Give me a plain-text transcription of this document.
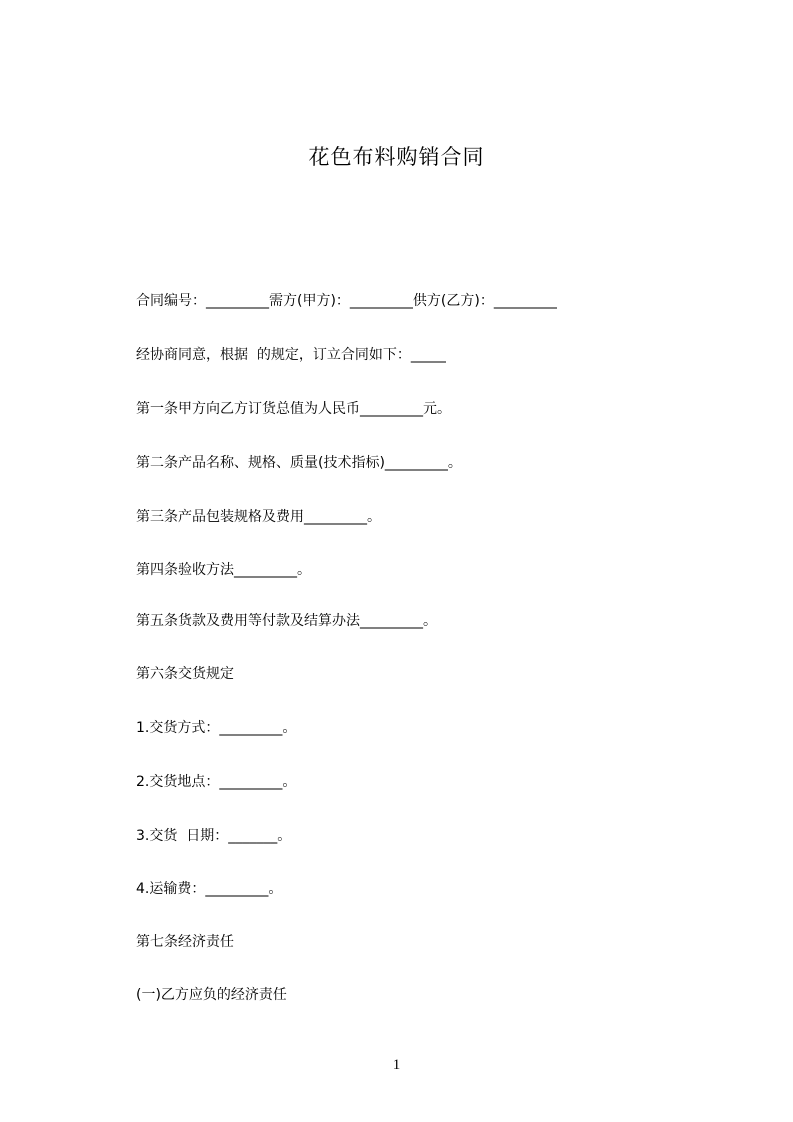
花色布料购销合同
合同编号：_________需方(甲方)：_________供方(乙方)：_________
经协商同意，根据  的规定，订立合同如下：_____
第一条甲方向乙方订货总值为人民币_________元。
第二条产品名称、规格、质量(技术指标)_________。
第三条产品包装规格及费用_________。
第四条验收方法_________。
第五条货款及费用等付款及结算办法_________。
第六条交货规定
1.交货方式：_________。
2.交货地点：_________。
3.交货  日期：_______。
4.运输费：_________。
第七条经济责任
(一)乙方应负的经济责任
1
